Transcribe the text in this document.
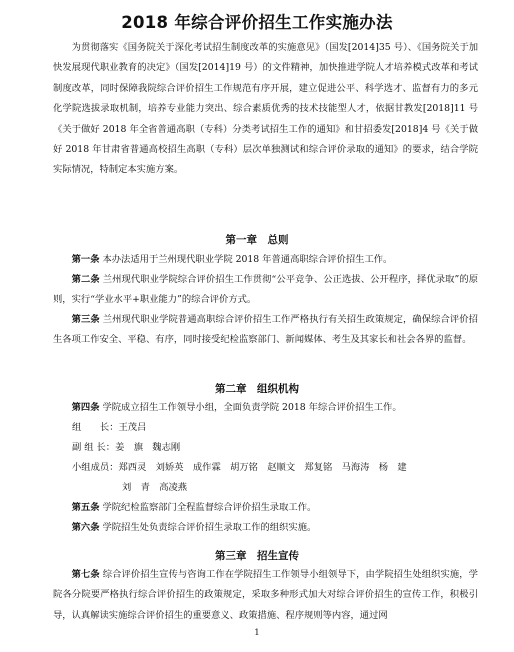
2018 年综合评价招生工作实施办法

为贯彻落实《国务院关于深化考试招生制度改革的实施意见》（国发[2014]35 号）、《国务院关于加快发展现代职业教育的决定》（国发[2014]19 号）的文件精神，加快推进学院人才培养模式改革和考试制度改革，同时保障我院综合评价招生工作规范有序开展，建立促进公平、科学选才、监督有力的多元化学院选拔录取机制，培养专业能力突出、综合素质优秀的技术技能型人才，依据甘教发[2018]11 号《关于做好 2018 年全省普通高职（专科）分类考试招生工作的通知》和甘招委发[2018]4 号《关于做好 2018 年甘肃省普通高校招生高职（专科）层次单独测试和综合评价录取的通知》的要求，结合学院实际情况，特制定本实施方案。

第一章　总则

第一条 本办法适用于兰州现代职业学院 2018 年普通高职综合评价招生工作。

第二条 兰州现代职业学院综合评价招生工作贯彻“公平竞争、公正选拔、公开程序，择优录取”的原则，实行“学业水平+职业能力”的综合评价方式。

第三条 兰州现代职业学院普通高职综合评价招生工作严格执行有关招生政策规定，确保综合评价招生各项工作安全、平稳、有序，同时接受纪检监察部门、新闻媒体、考生及其家长和社会各界的监督。

第二章　组织机构

第四条 学院成立招生工作领导小组，全面负责学院 2018 年综合评价招生工作。

组　　长：王茂吕
副 组 长：姜　旗　魏志刚
小组成员：郑西灵　刘娇英　成作霖　胡万铭　赵顺文　郑复铭　马海涛　杨　建
刘　青　高凌燕

第五条 学院纪检监察部门全程监督综合评价招生录取工作。

第六条 学院招生处负责综合评价招生录取工作的组织实施。

第三章　招生宣传

第七条 综合评价招生宣传与咨询工作在学院招生工作领导小组领导下，由学院招生处组织实施，学院各分院要严格执行综合评价招生的政策规定，采取多种形式加大对综合评价招生的宣传工作，积极引导，认真解读实施综合评价招生的重要意义、政策措施、程序规则等内容，通过网

1
